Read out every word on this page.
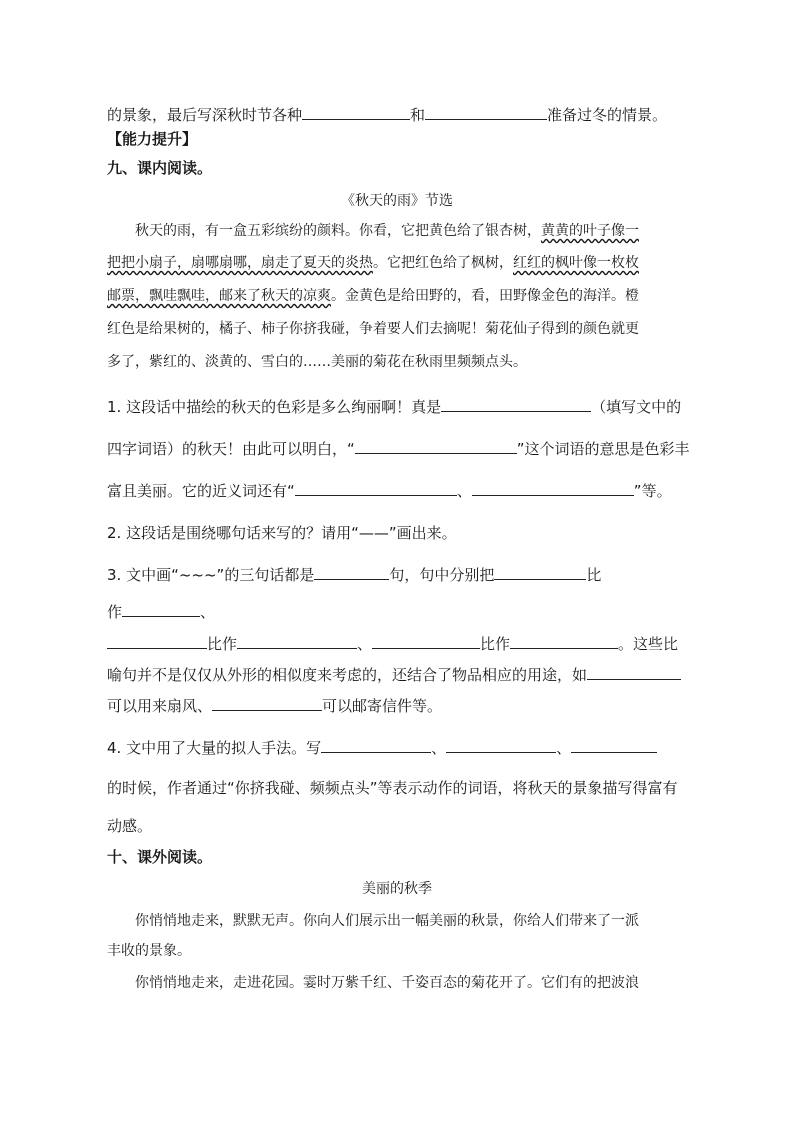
的景象，最后写深秋时节各种	和	准备过冬的情景。
【能力提升】
九、课内阅读。
《秋天的雨》节选
秋天的雨，有一盒五彩缤纷的颜料。你看，它把黄色给了银杏树，黄黄的叶子像一
把把小扇子，扇哪扇哪，扇走了夏天的炎热。它把红色给了枫树，红红的枫叶像一枚枚
邮票，飘哇飘哇，邮来了秋天的凉爽。金黄色是给田野的，看，田野像金色的海洋。橙
红色是给果树的，橘子、柿子你挤我碰，争着要人们去摘呢！菊花仙子得到的颜色就更
多了，紫红的、淡黄的、雪白的……美丽的菊花在秋雨里频频点头。
1. 这段话中描绘的秋天的色彩是多么绚丽啊！真是	（填写文中的
四字词语）的秋天！由此可以明白，“	”这个词语的意思是色彩丰
富且美丽。它的近义词还有“	、	”等。
2. 这段话是围绕哪句话来写的？请用“——”画出来。
3. 文中画“~~~”的三句话都是	句，句中分别把	比
作	、
比作	、	比作	。这些比
喻句并不是仅仅从外形的相似度来考虑的，还结合了物品相应的用途，如
可以用来扇风、	可以邮寄信件等。
4. 文中用了大量的拟人手法。写	、	、
的时候，作者通过“你挤我碰、频频点头”等表示动作的词语，将秋天的景象描写得富有
动感。
十、课外阅读。
美丽的秋季
你悄悄地走来，默默无声。你向人们展示出一幅美丽的秋景，你给人们带来了一派
丰收的景象。
你悄悄地走来，走进花园。霎时万紫千红、千姿百态的菊花开了。它们有的把波浪
